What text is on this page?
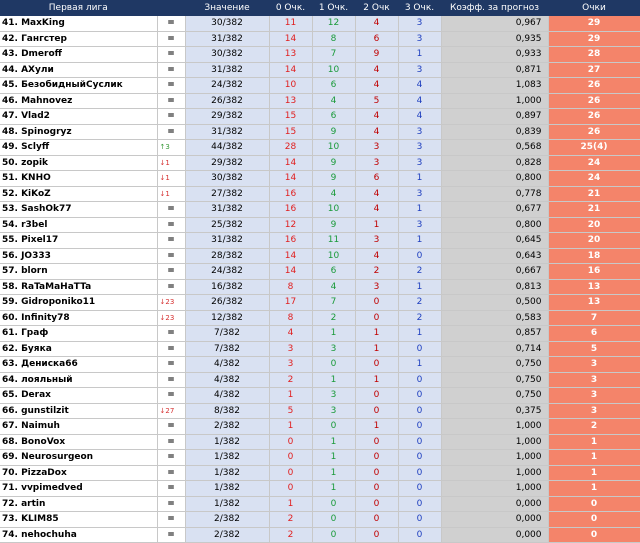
Первая лига		Значение	0 Очк.	1 Очк.	2 Очк	3 Очк.	Коэфф. за прогноз	Очки
41. MaxKing	=	30/382	11	12	4	3	0,967	29
42. Гангстер	=	31/382	14	8	6	3	0,935	29
43. Dmeroff	=	30/382	13	7	9	1	0,933	28
44. АХули	=	31/382	14	10	4	3	0,871	27
45. БезобидныйСуслик	=	24/382	10	6	4	4	1,083	26
46. Mahnovez	=	26/382	13	4	5	4	1,000	26
47. Vlad2	=	29/382	15	6	4	4	0,897	26
48. Spinogryz	=	31/382	15	9	4	3	0,839	26
49. Sclyff	↑3	44/382	28	10	3	3	0,568	25(4)
50. zopik	↓1	29/382	14	9	3	3	0,828	24
51. KNHO	↓1	30/382	14	9	6	1	0,800	24
52. KiKoZ	↓1	27/382	16	4	4	3	0,778	21
53. SashOk77	=	31/382	16	10	4	1	0,677	21
54. r3bel	=	25/382	12	9	1	3	0,800	20
55. Pixel17	=	31/382	16	11	3	1	0,645	20
56. JO333	=	28/382	14	10	4	0	0,643	18
57. blorn	=	24/382	14	6	2	2	0,667	16
58. RaTaMaHaTTa	=	16/382	8	4	3	1	0,813	13
59. Gidroponiko11	↓23	26/382	17	7	0	2	0,500	13
60. Infinity78	↓23	12/382	8	2	0	2	0,583	7
61. Граф	=	7/382	4	1	1	1	0,857	6
62. Буяка	=	7/382	3	3	1	0	0,714	5
63. Дениска66	=	4/382	3	0	0	1	0,750	3
64. лояльный	=	4/382	2	1	1	0	0,750	3
65. Derax	=	4/382	1	3	0	0	0,750	3
66. gunstilzit	↓27	8/382	5	3	0	0	0,375	3
67. Naimuh	=	2/382	1	0	1	0	1,000	2
68. BonoVox	=	1/382	0	1	0	0	1,000	1
69. Neurosurgeon	=	1/382	0	1	0	0	1,000	1
70. PizzaDox	=	1/382	0	1	0	0	1,000	1
71. vvpimedved	=	1/382	0	1	0	0	1,000	1
72. artin	=	1/382	1	0	0	0	0,000	0
73. KLIM85	=	2/382	2	0	0	0	0,000	0
74. nehochuha	=	2/382	2	0	0	0	0,000	0
